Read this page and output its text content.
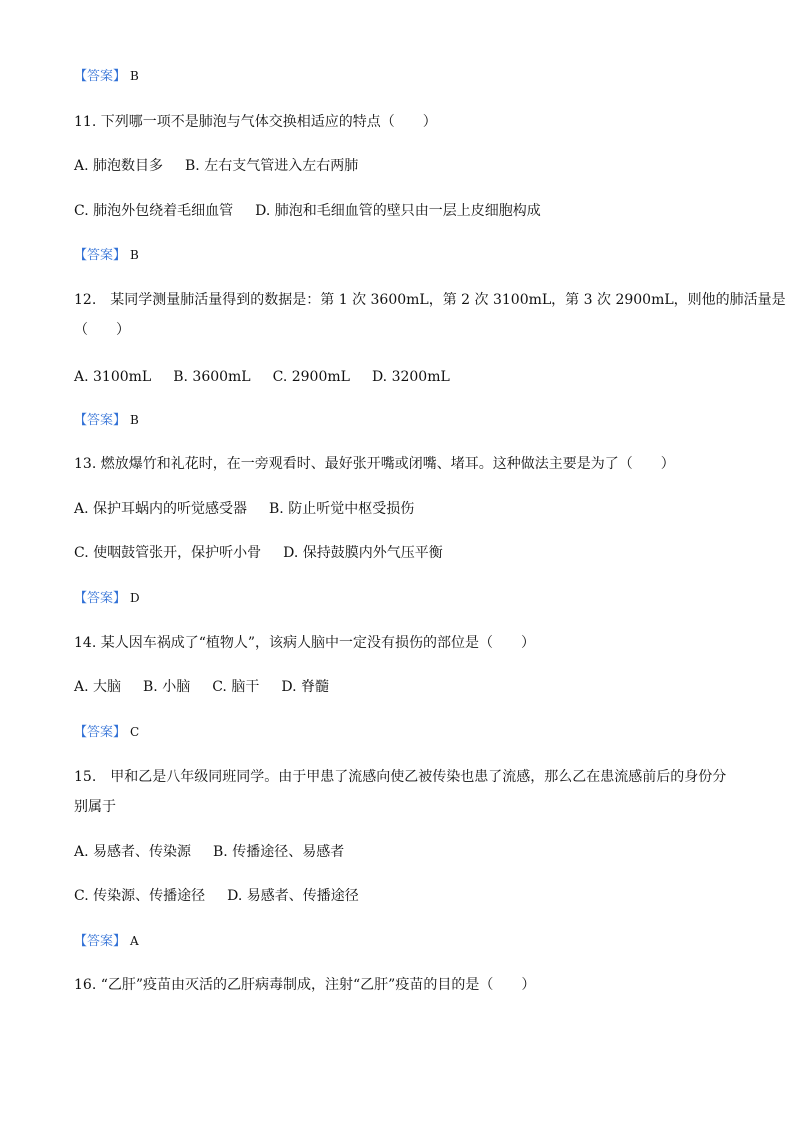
【答案】 B
11. 下列哪一项不是肺泡与气体交换相适应的特点（　　）
A. 肺泡数目多 B. 左右支气管进入左右两肺
C. 肺泡外包绕着毛细血管 D. 肺泡和毛细血管的壁只由一层上皮细胞构成
【答案】 B
12.　某同学测量肺活量得到的数据是：第 1 次 3600mL，第 2 次 3100mL，第 3 次 2900mL，则他的肺活量是
（　　）
A. 3100mL B. 3600mL C. 2900mL D. 3200mL
【答案】 B
13. 燃放爆竹和礼花时，在一旁观看时、最好张开嘴或闭嘴、堵耳。这种做法主要是为了（　　）
A. 保护耳蜗内的听觉感受器 B. 防止听觉中枢受损伤
C. 使咽鼓管张开，保护听小骨 D. 保持鼓膜内外气压平衡
【答案】 D
14. 某人因车祸成了“植物人”，该病人脑中一定没有损伤的部位是（　　）
A. 大脑 B. 小脑 C. 脑干 D. 脊髓
【答案】 C
15.　甲和乙是八年级同班同学。由于甲患了流感向使乙被传染也患了流感，那么乙在患流感前后的身份分
别属于
A. 易感者、传染源 B. 传播途径、易感者
C. 传染源、传播途径 D. 易感者、传播途径
【答案】 A
16. “乙肝”疫苗由灭活的乙肝病毒制成，注射“乙肝”疫苗的目的是（　　）
